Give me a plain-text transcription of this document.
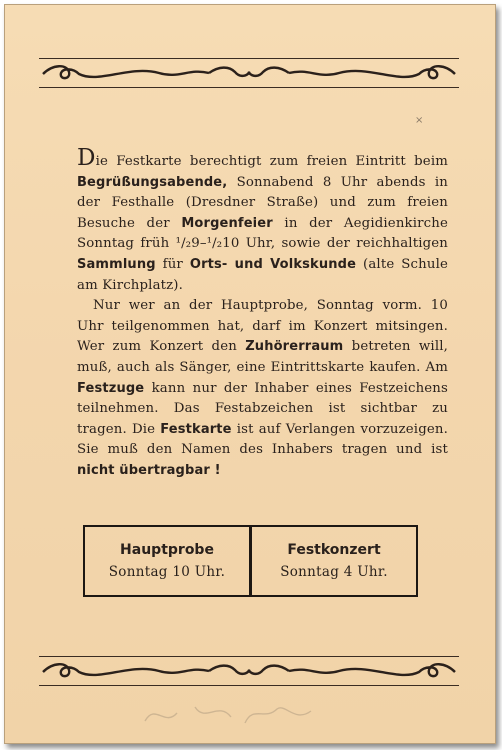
×

Die Festkarte berechtigt zum freien Eintritt beim Begrüßungsabende, Sonnabend 8 Uhr abends in der Festhalle (Dresdner Straße) und zum freien Besuche der Morgenfeier in der Aegidienkirche Sonntag früh ¹/₂9–¹/₂10 Uhr, sowie der reichhaltigen Sammlung für Orts- und Volkskunde (alte Schule am Kirchplatz).

Nur wer an der Hauptprobe, Sonntag vorm. 10 Uhr teilgenommen hat, darf im Konzert mitsingen. Wer zum Konzert den Zuhörerraum betreten will, muß, auch als Sänger, eine Eintrittskarte kaufen. Am Festzuge kann nur der Inhaber eines Festzeichens teilnehmen. Das Festabzeichen ist sichtbar zu tragen. Die Festkarte ist auf Verlangen vorzuzeigen. Sie muß den Namen des Inhabers tragen und ist nicht übertragbar !

Hauptprobe
Sonntag 10 Uhr.
Festkonzert
Sonntag 4 Uhr.
